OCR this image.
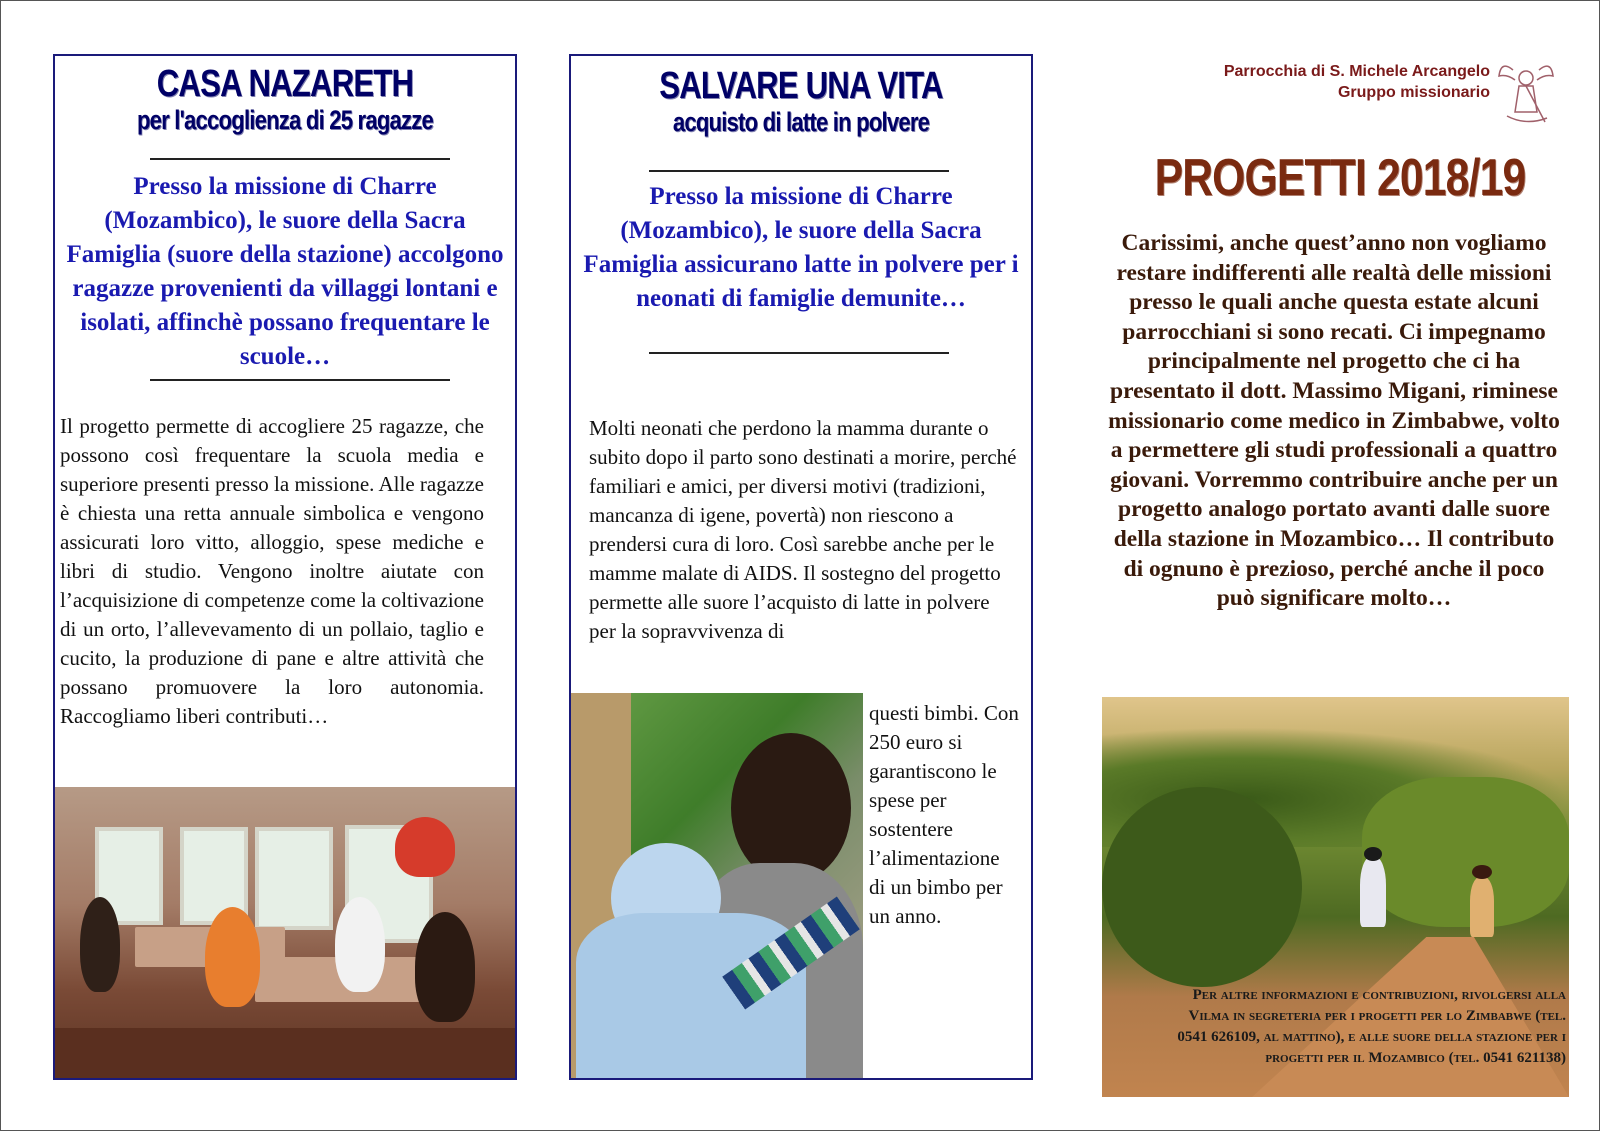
CASA NAZARETH
per l'accoglienza di 25 ragazze
Presso la missione di Charre (Mozambico), le suore della Sacra Famiglia (suore della stazione) accolgono ragazze provenienti da villaggi lontani e isolati, affinchè possano frequentare le scuole…
Il progetto permette di accogliere 25 ragazze, che possono così frequentare la scuola media e superiore presenti presso la missione. Alle ragazze è chiesta una retta annuale simbolica e vengono assicurati loro vitto, alloggio, spese mediche e libri di studio. Vengono inoltre aiutate con l’acquisizione di competenze come la coltivazione di un orto, l’allevevamento di un pollaio, taglio e cucito, la produzione di pane e altre attività che possano promuovere la loro autonomia. Raccogliamo liberi contributi…
SALVARE UNA VITA
acquisto di latte in polvere
Presso la missione di Charre (Mozambico), le suore della Sacra Famiglia assicurano latte in polvere per i neonati di famiglie demunite…
Molti neonati che perdono la mamma durante o subito dopo il parto sono destinati a morire, perché familiari e amici, per diversi motivi (tradizioni, mancanza di igene, povertà) non riescono a prendersi cura di loro. Così sarebbe anche per le mamme malate di AIDS. Il sostegno del progetto permette alle suore l’acquisto di latte in polvere per la sopravvivenza di
questi bimbi. Con 250 euro si garantiscono le spese per sostentere l’alimentazione di un bimbo per un anno.
Parrocchia di S. Michele Arcangelo
Gruppo missionario
PROGETTI 2018/19
Carissimi, anche quest’anno non vogliamo restare indifferenti alle realtà delle missioni presso le quali anche questa estate alcuni parrocchiani si sono recati. Ci impegnamo principalmente nel progetto che ci ha presentato il dott. Massimo Migani, riminese missionario come medico in Zimbabwe, volto a permettere gli studi professionali a quattro giovani. Vorremmo contribuire anche per un progetto analogo portato avanti dalle suore della stazione in Mozambico… Il contributo di ognuno è prezioso, perché anche il poco può significare molto…
Per altre informazioni e contribuzioni, rivolgersi alla Vilma in segreteria per i progetti per lo Zimbabwe (tel. 0541 626109, al mattino), e alle suore della stazione per i progetti per il Mozambico (tel. 0541 621138)
